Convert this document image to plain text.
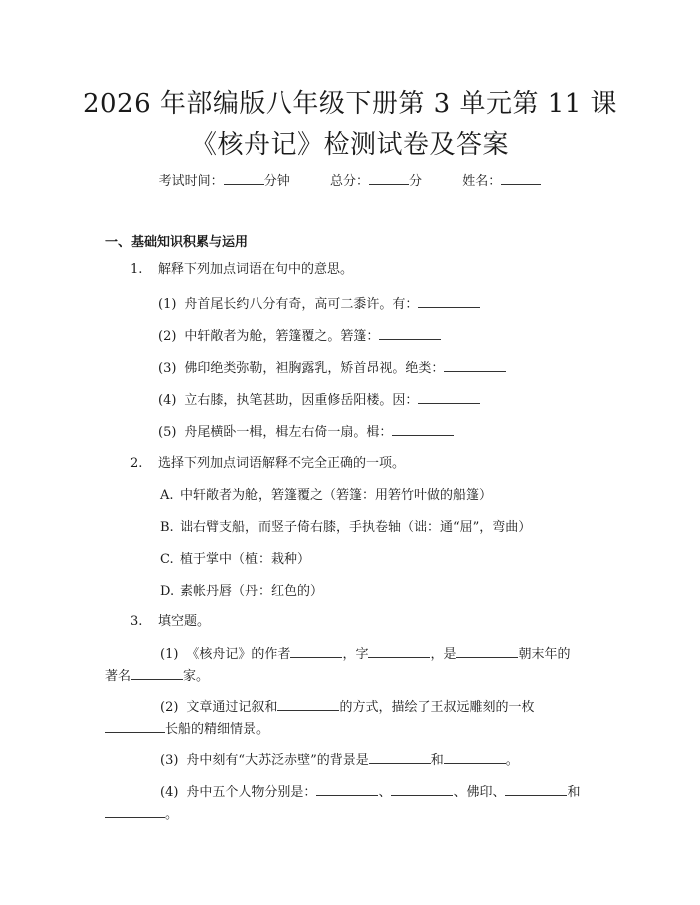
2026 年部编版八年级下册第 3 单元第 11 课
《核舟记》检测试卷及答案
考试时间：	分钟	总分：	分	姓名：
一、基础知识积累与运用
1. 解释下列加点词语在句中的意思。
(1) 舟首尾长约八分有奇，高可二黍许。有：
(2) 中轩敞者为舱，箬篷覆之。箬篷：
(3) 佛印绝类弥勒，袒胸露乳，矫首昂视。绝类：
(4) 立右膝，执笔甚助，因重修岳阳楼。因：
(5) 舟尾横卧一楫，楫左右倚一扇。楫：
2. 选择下列加点词语解释不完全正确的一项。
A. 中轩敞者为舱，箬篷覆之（箬篷：用箬竹叶做的船篷）
B. 诎右臂支船，而竖子倚右膝，手执卷轴（诎：通“屈”，弯曲）
C. 植于掌中（植：栽种）
D. 素帐丹唇（丹：红色的）
3. 填空题。
(1) 《核舟记》的作者	，字	，是	朝末年的
著名	家。
(2) 文章通过记叙和	的方式，描绘了王叔远雕刻的一枚
长船的精细情景。
(3) 舟中刻有“大苏泛赤壁”的背景是	和	。
(4) 舟中五个人物分别是：	、	、佛印、	和
。
